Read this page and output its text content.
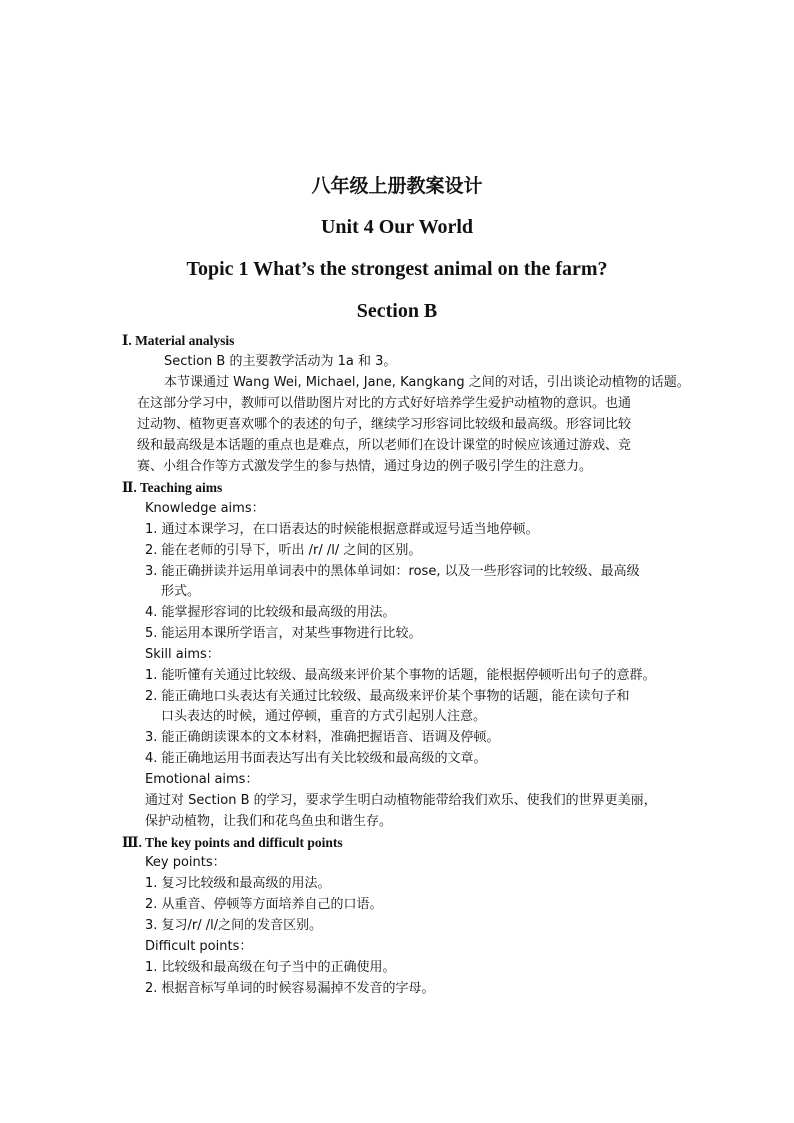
八年级上册教案设计
Unit 4 Our World
Topic 1 What’s the strongest animal on the farm?
Section B
Ⅰ. Material analysis
Section B 的主要教学活动为 1a 和 3。
本节课通过 Wang Wei, Michael, Jane, Kangkang 之间的对话，引出谈论动植物的话题。
在这部分学习中，教师可以借助图片对比的方式好好培养学生爱护动植物的意识。也通
过动物、植物更喜欢哪个的表述的句子，继续学习形容词比较级和最高级。形容词比较
级和最高级是本话题的重点也是难点，所以老师们在设计课堂的时候应该通过游戏、竞
赛、小组合作等方式激发学生的参与热情，通过身边的例子吸引学生的注意力。
Ⅱ. Teaching aims
Knowledge aims：
1. 通过本课学习，在口语表达的时候能根据意群或逗号适当地停顿。
2. 能在老师的引导下，听出 /r/ /l/ 之间的区别。
3. 能正确拼读并运用单词表中的黑体单词如：rose, 以及一些形容词的比较级、最高级
形式。
4. 能掌握形容词的比较级和最高级的用法。
5. 能运用本课所学语言，对某些事物进行比较。
Skill aims：
1. 能听懂有关通过比较级、最高级来评价某个事物的话题，能根据停顿听出句子的意群。
2. 能正确地口头表达有关通过比较级、最高级来评价某个事物的话题，能在读句子和
口头表达的时候，通过停顿，重音的方式引起别人注意。
3. 能正确朗读课本的文本材料，准确把握语音、语调及停顿。
4. 能正确地运用书面表达写出有关比较级和最高级的文章。
Emotional aims：
通过对 Section B 的学习，要求学生明白动植物能带给我们欢乐、使我们的世界更美丽，
保护动植物，让我们和花鸟鱼虫和谐生存。
Ⅲ. The key points and difficult points
Key points：
1. 复习比较级和最高级的用法。
2. 从重音、停顿等方面培养自己的口语。
3. 复习/r/ /l/之间的发音区别。
Difficult points：
1. 比较级和最高级在句子当中的正确使用。
2. 根据音标写单词的时候容易漏掉不发音的字母。
